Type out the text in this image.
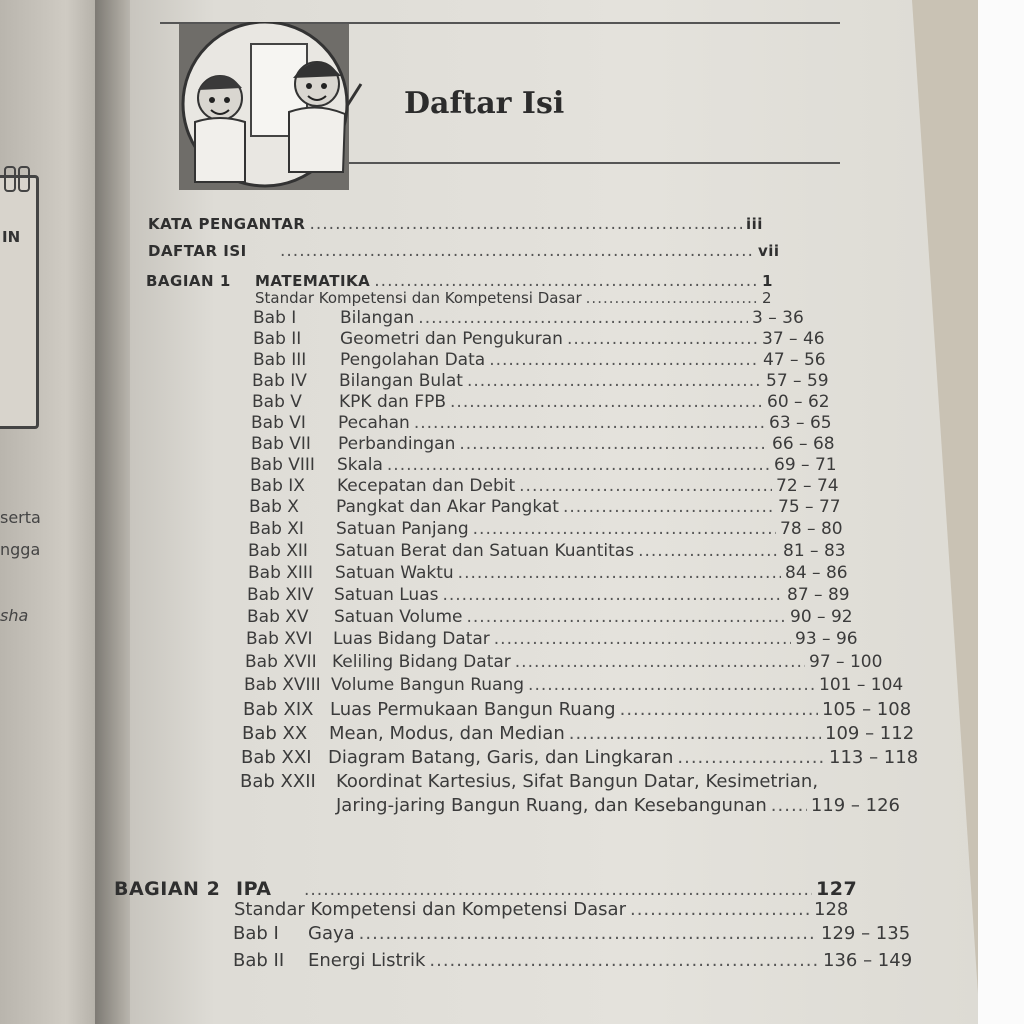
IN
serta
ngga
sha
Daftar Isi
KATA PENGANTAR .....	iii
DAFTAR ISI .....	vii
BAGIAN 1	MATEMATIKA .....	1
Standar Kompetensi dan Kompetensi Dasar .....	2
Bab I	Bilangan .....	3 – 36
Bab II	Geometri dan Pengukuran .....	37 – 46
Bab III	Pengolahan Data .....	47 – 56
Bab IV	Bilangan Bulat .....	57 – 59
Bab V	KPK dan FPB .....	60 – 62
Bab VI	Pecahan .....	63 – 65
Bab VII	Perbandingan .....	66 – 68
Bab VIII	Skala .....	69 – 71
Bab IX	Kecepatan dan Debit .....	72 – 74
Bab X	Pangkat dan Akar Pangkat .....	75 – 77
Bab XI	Satuan Panjang .....	78 – 80
Bab XII	Satuan Berat dan Satuan Kuantitas .....	81 – 83
Bab XIII	Satuan Waktu .....	84 – 86
Bab XIV	Satuan Luas .....	87 – 89
Bab XV	Satuan Volume .....	90 – 92
Bab XVI	Luas Bidang Datar .....	93 – 96
Bab XVII Keliling Bidang Datar .....	97 – 100
Bab XVIII Volume Bangun Ruang .....	101 – 104
Bab XIX Luas Permukaan Bangun Ruang .....	105 – 108
Bab XX	Mean, Modus, dan Median .....	109 – 112
Bab XXI Diagram Batang, Garis, dan Lingkaran .....	113 – 118
Bab XXII	Koordinat Kartesius, Sifat Bangun Datar, Kesimetrian,
Jaring-jaring Bangun Ruang, dan Kesebangunan ..... 119 – 126
BAGIAN 2 IPA .....	127
Standar Kompetensi dan Kompetensi Dasar .....	128
Bab I	Gaya .....	129 – 135
Bab II	Energi Listrik .....	136 – 149
